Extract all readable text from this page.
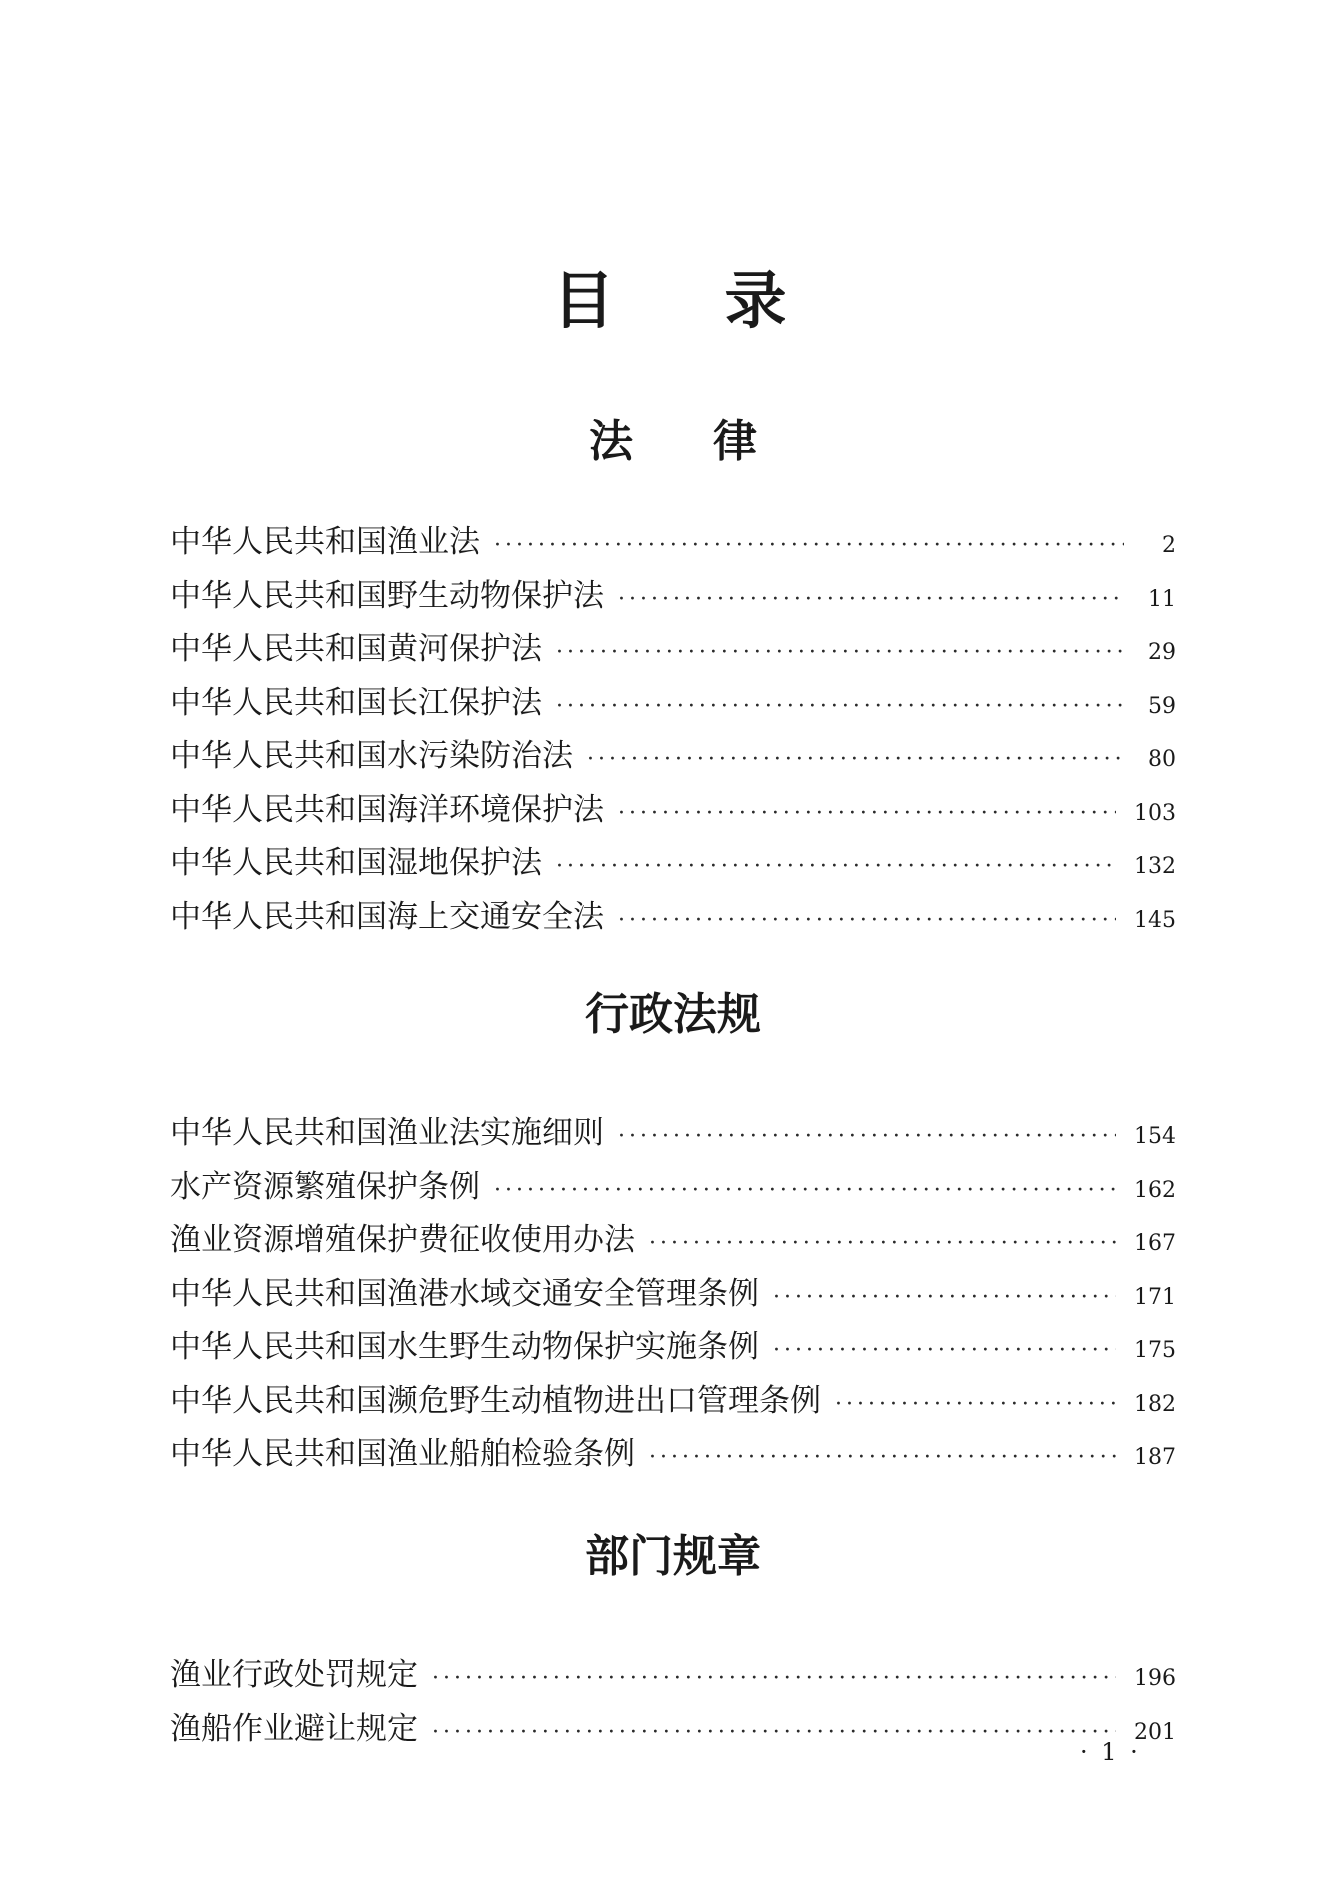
目录
法律
中华人民共和国渔业法 ·····	2
中华人民共和国野生动物保护法 ·····	11
中华人民共和国黄河保护法 ·····	29
中华人民共和国长江保护法 ·····	59
中华人民共和国水污染防治法 ·····	80
中华人民共和国海洋环境保护法 ·····	103
中华人民共和国湿地保护法 ·····	132
中华人民共和国海上交通安全法 ·····	145
行政法规
中华人民共和国渔业法实施细则 ·····	154
水产资源繁殖保护条例 ·····	162
渔业资源增殖保护费征收使用办法 ·····	167
中华人民共和国渔港水域交通安全管理条例 ·····	171
中华人民共和国水生野生动物保护实施条例 ·····	175
中华人民共和国濒危野生动植物进出口管理条例 ·····	182
中华人民共和国渔业船舶检验条例 ·····	187
部门规章
渔业行政处罚规定 ·····	196
渔船作业避让规定 ·····	201
· 1 ·
